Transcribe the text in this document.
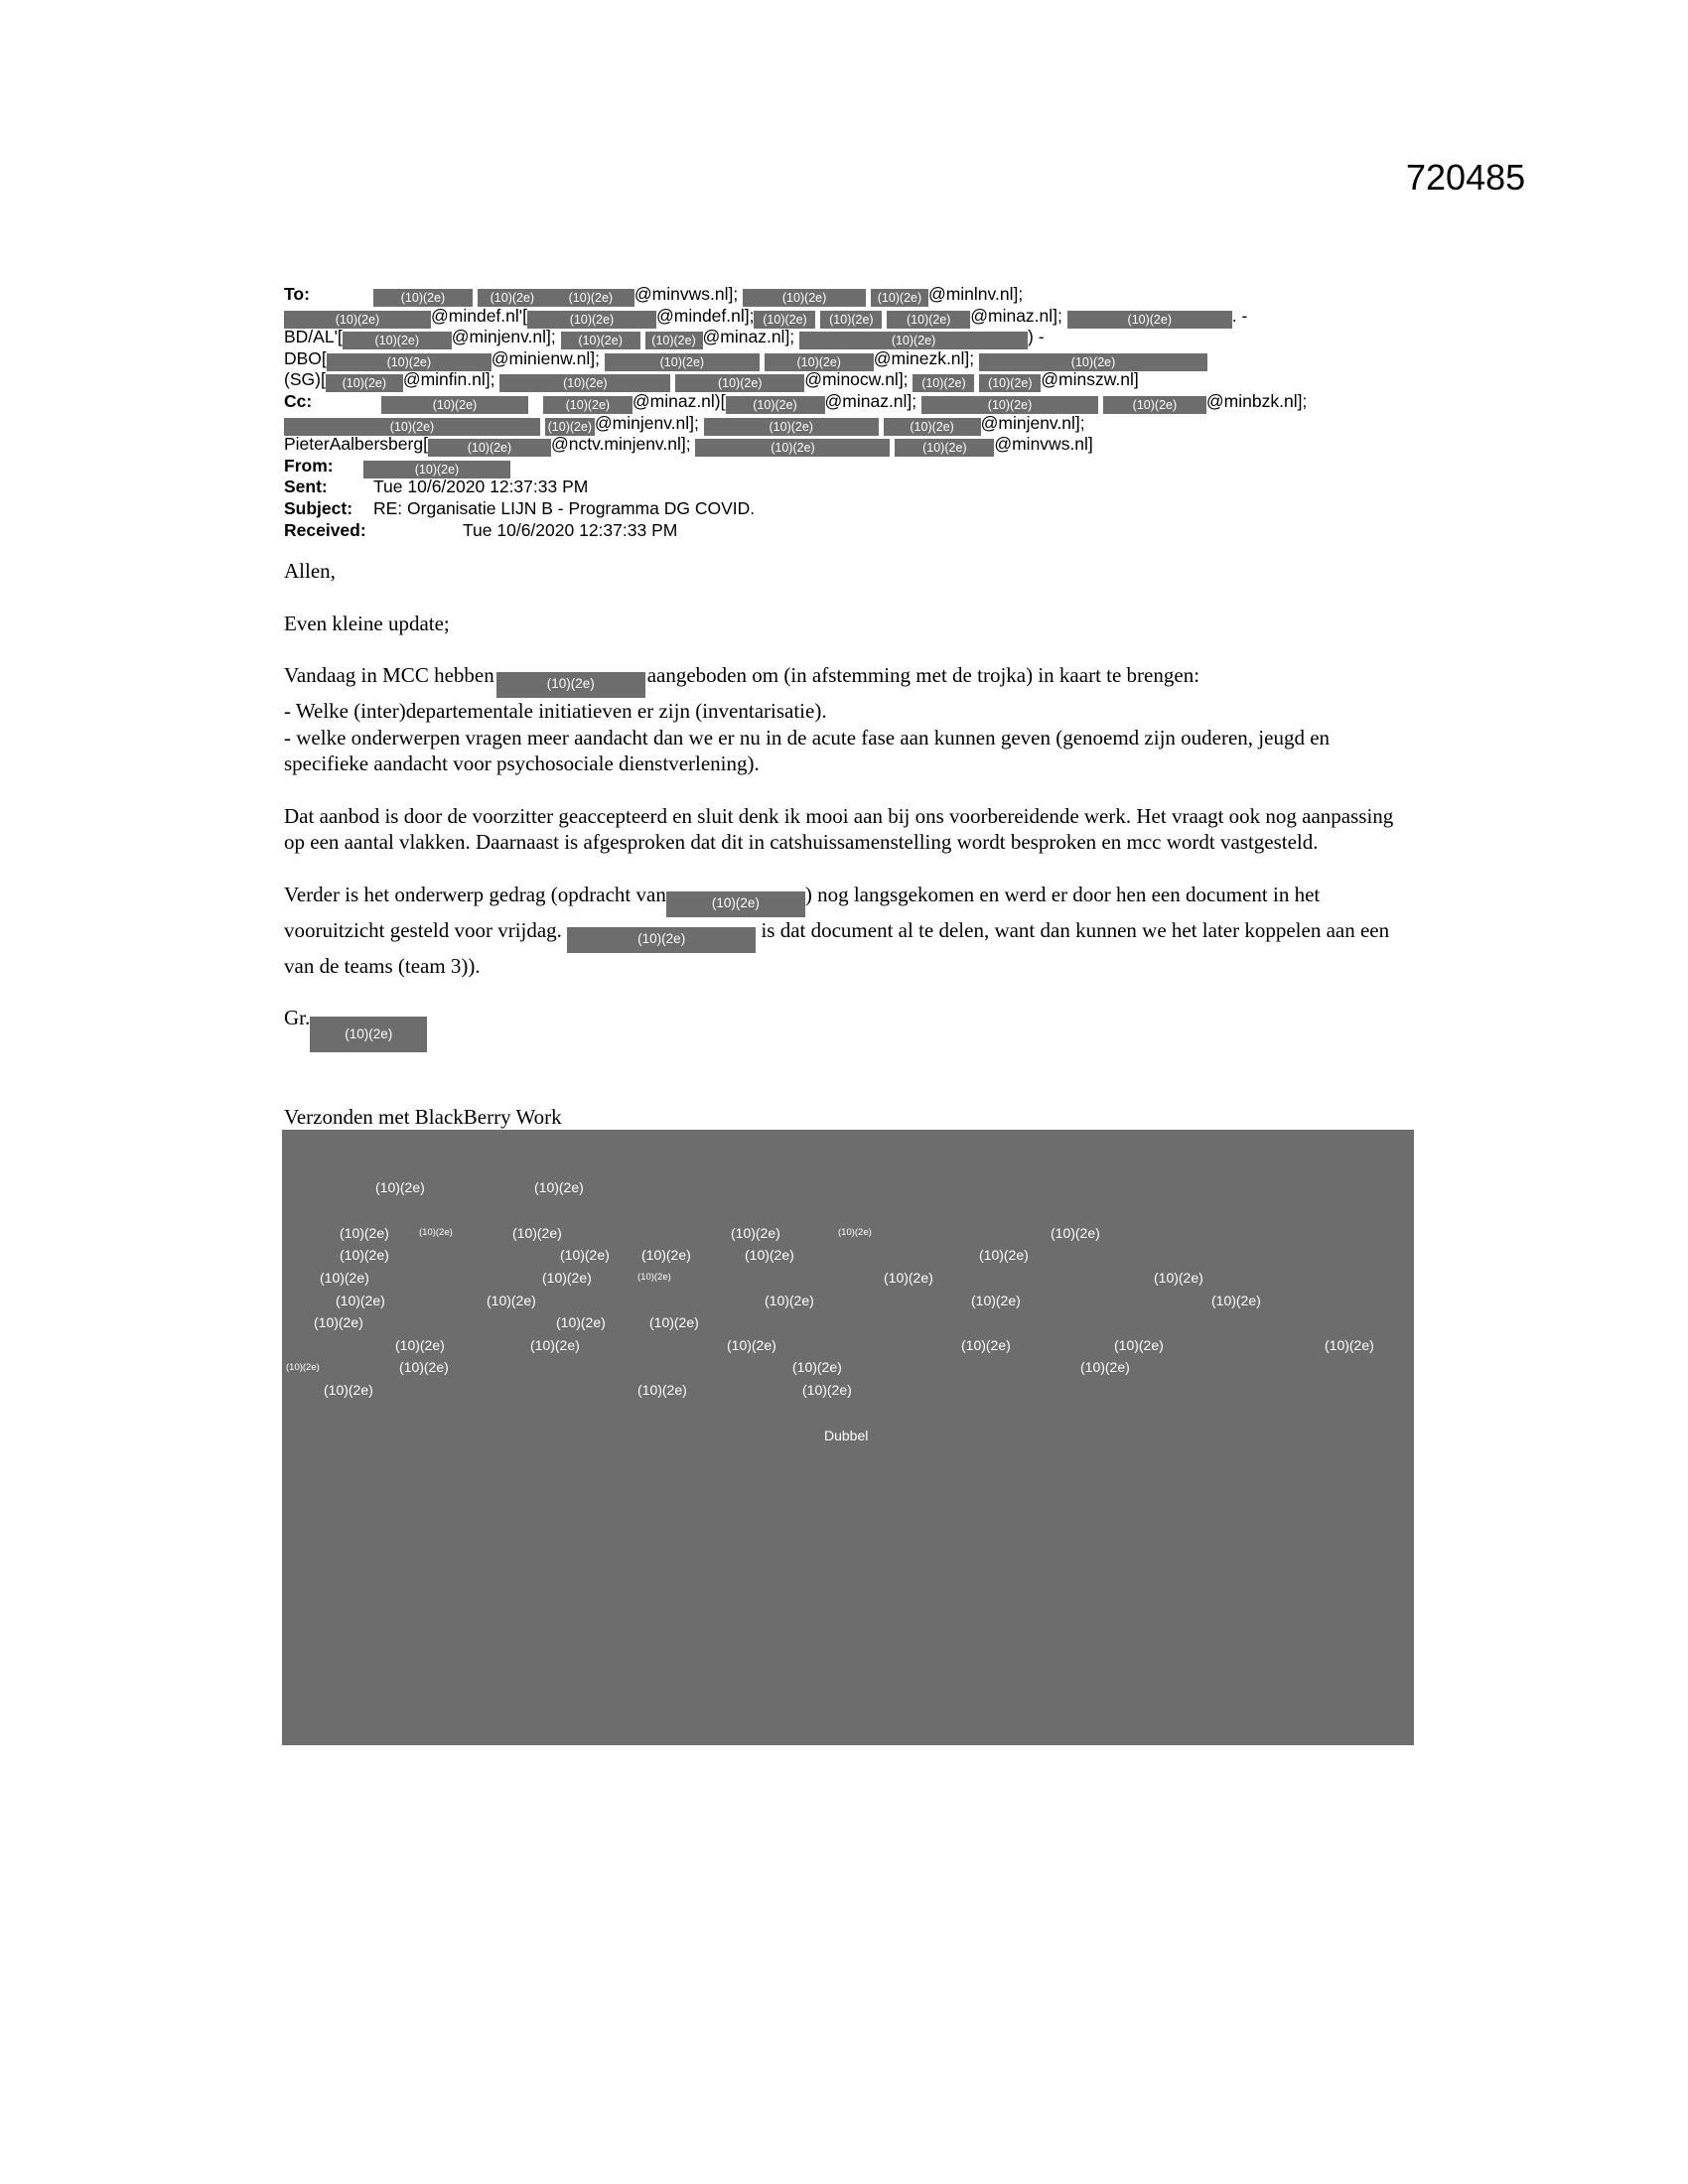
720485
To:	(10)(2e)	(10)(2e)	(10)(2e) @minvws.nl];	(10)(2e)	(10)(2e) @minlnv.nl];
(10)(2e)	@mindef.nl'[	(10)(2e) @mindef.nl]; (10)(2e) (10)(2e)	(10)(2e) @minaz.nl];	(10)(2e)	. -
BD/AL'[	(10)(2e) @minjenv.nl]; (10)(2e) (10)(2e) @minaz.nl];	(10)(2e)	) -
DBO[	(10)(2e)	@minienw.nl];	(10)(2e)	(10)(2e) @minezk.nl];	(10)(2e)
(SG)[ (10)(2e) @minfin.nl];	(10)(2e)	(10)(2e) @minocw.nl]; (10)(2e) (10)(2e) @minszw.nl]
Cc:	(10)(2e)	(10)(2e) @minaz.nl)[ (10)(2e) @minaz.nl];	(10)(2e)	(10)(2e) @minbzk.nl];
(10)(2e)	(10)(2e) @minjenv.nl];	(10)(2e)	(10)(2e) @minjenv.nl];
PieterAalbersberg[	(10)(2e) @nctv.minjenv.nl];	(10)(2e)	(10)(2e) @minvws.nl]
From:	(10)(2e)
Sent:	Tue 10/6/2020 12:37:33 PM
Subject: RE: Organisatie LIJN B - Programma DG COVID.
Received:	Tue 10/6/2020 12:37:33 PM

Allen,

Even kleine update;

Vandaag in MCC hebben	(10)(2e)	aangeboden om (in afstemming met de trojka) in kaart te brengen:
- Welke (inter)departementale initiatieven er zijn (inventarisatie).
- welke onderwerpen vragen meer aandacht dan we er nu in de acute fase aan kunnen geven (genoemd zijn ouderen, jeugd en specifieke aandacht voor psychosociale dienstverlening).

Dat aanbod is door de voorzitter geaccepteerd en sluit denk ik mooi aan bij ons voorbereidende werk. Het vraagt ook nog aanpassing op een aantal vlakken. Daarnaast is afgesproken dat dit in catshuissamenstelling wordt besproken en mcc wordt vastgesteld.

Verder is het onderwerp gedrag (opdracht van	(10)(2e) ) nog langsgekomen en werd er door hen een document in het vooruitzicht gesteld voor vrijdag.	(10)(2e)	is dat document al te delen, want dan kunnen we het later koppelen aan een van de teams (team 3)).

Gr.(10)(2e)

Verzonden met BlackBerry Work

(10)(2e)	(10)(2e)
(10)(2e)	(10)(2e)	(10)(2e)	(10)(2e)	(10)(2e)	(10)(2e)
(10)(2e)	(10)(2e) (10)(2e)	(10)(2e)	(10)(2e)
(10)(2e)	(10)(2e)	(10)(2e)	(10)(2e)	(10)(2e)
(10)(2e)	(10)(2e)	(10)(2e)	(10)(2e)	(10)(2e)
(10)(2e)	(10)(2e)	(10)(2e)
(10)(2e)	(10)(2e)	(10)(2e)	(10)(2e)	(10)(2e)	(10)(2e)
(10)(2e)	(10)(2e)	(10)(2e)	(10)(2e)
(10)(2e)	(10)(2e)	(10)(2e)
Dubbel
